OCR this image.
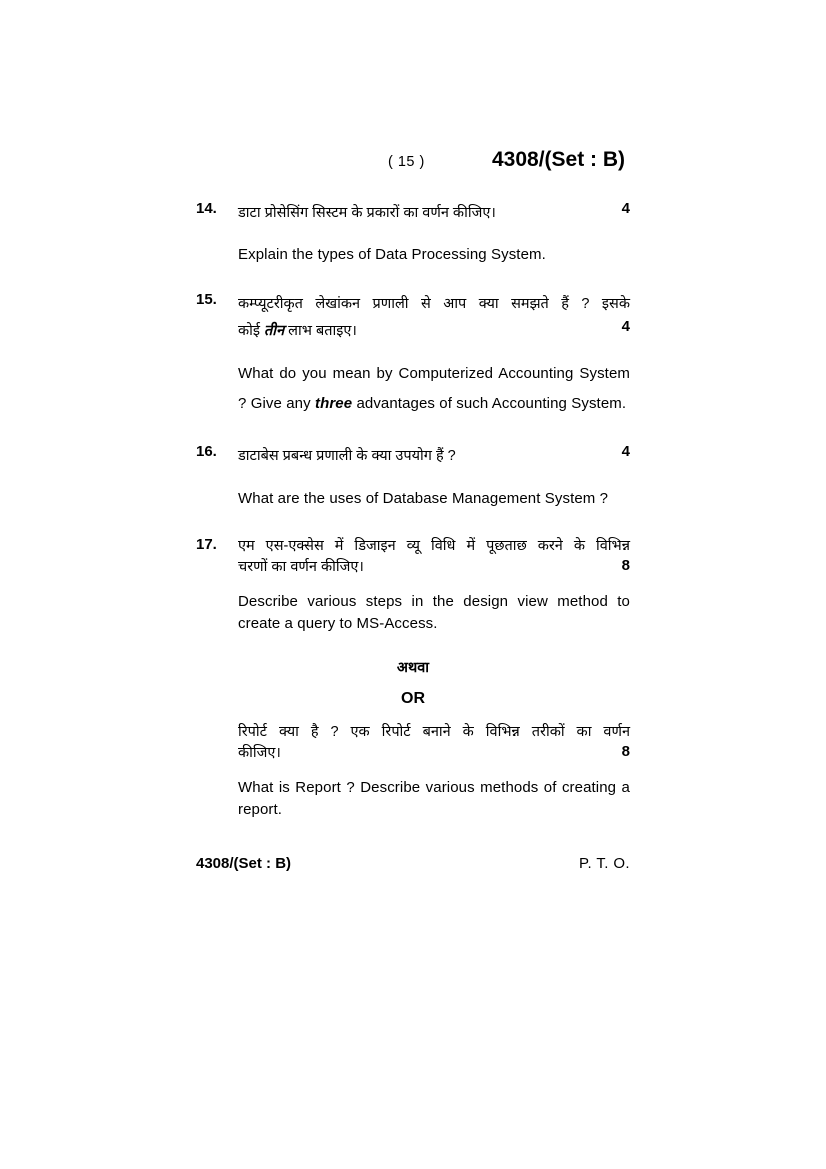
( 15 )	4308/(Set : B)
14.	डाटा प्रोसेसिंग सिस्टम के प्रकारों का वर्णन कीजिए।	4

Explain the types of Data Processing System.

15.	कम्प्यूटरीकृत लेखांकन प्रणाली से आप क्या समझते हैं ? इसके

कोई तीन लाभ बताइए।	4

What do you mean by Computerized Accounting System ? Give any three advantages of such Accounting System.

16.	डाटाबेस प्रबन्ध प्रणाली के क्या उपयोग हैं ?	4

What are the uses of Database Management System ?

17.	एम एस-एक्सेस में डिजाइन व्यू विधि में पूछताछ करने के विभिन्न

चरणों का वर्णन कीजिए।	8

Describe various steps in the design view method to create a query to MS-Access.

अथवा

OR

रिपोर्ट क्या है ? एक रिपोर्ट बनाने के विभिन्न तरीकों का वर्णन

कीजिए।	8

What is Report ? Describe various methods of creating a report.

4308/(Set : B)	P. T. O.
